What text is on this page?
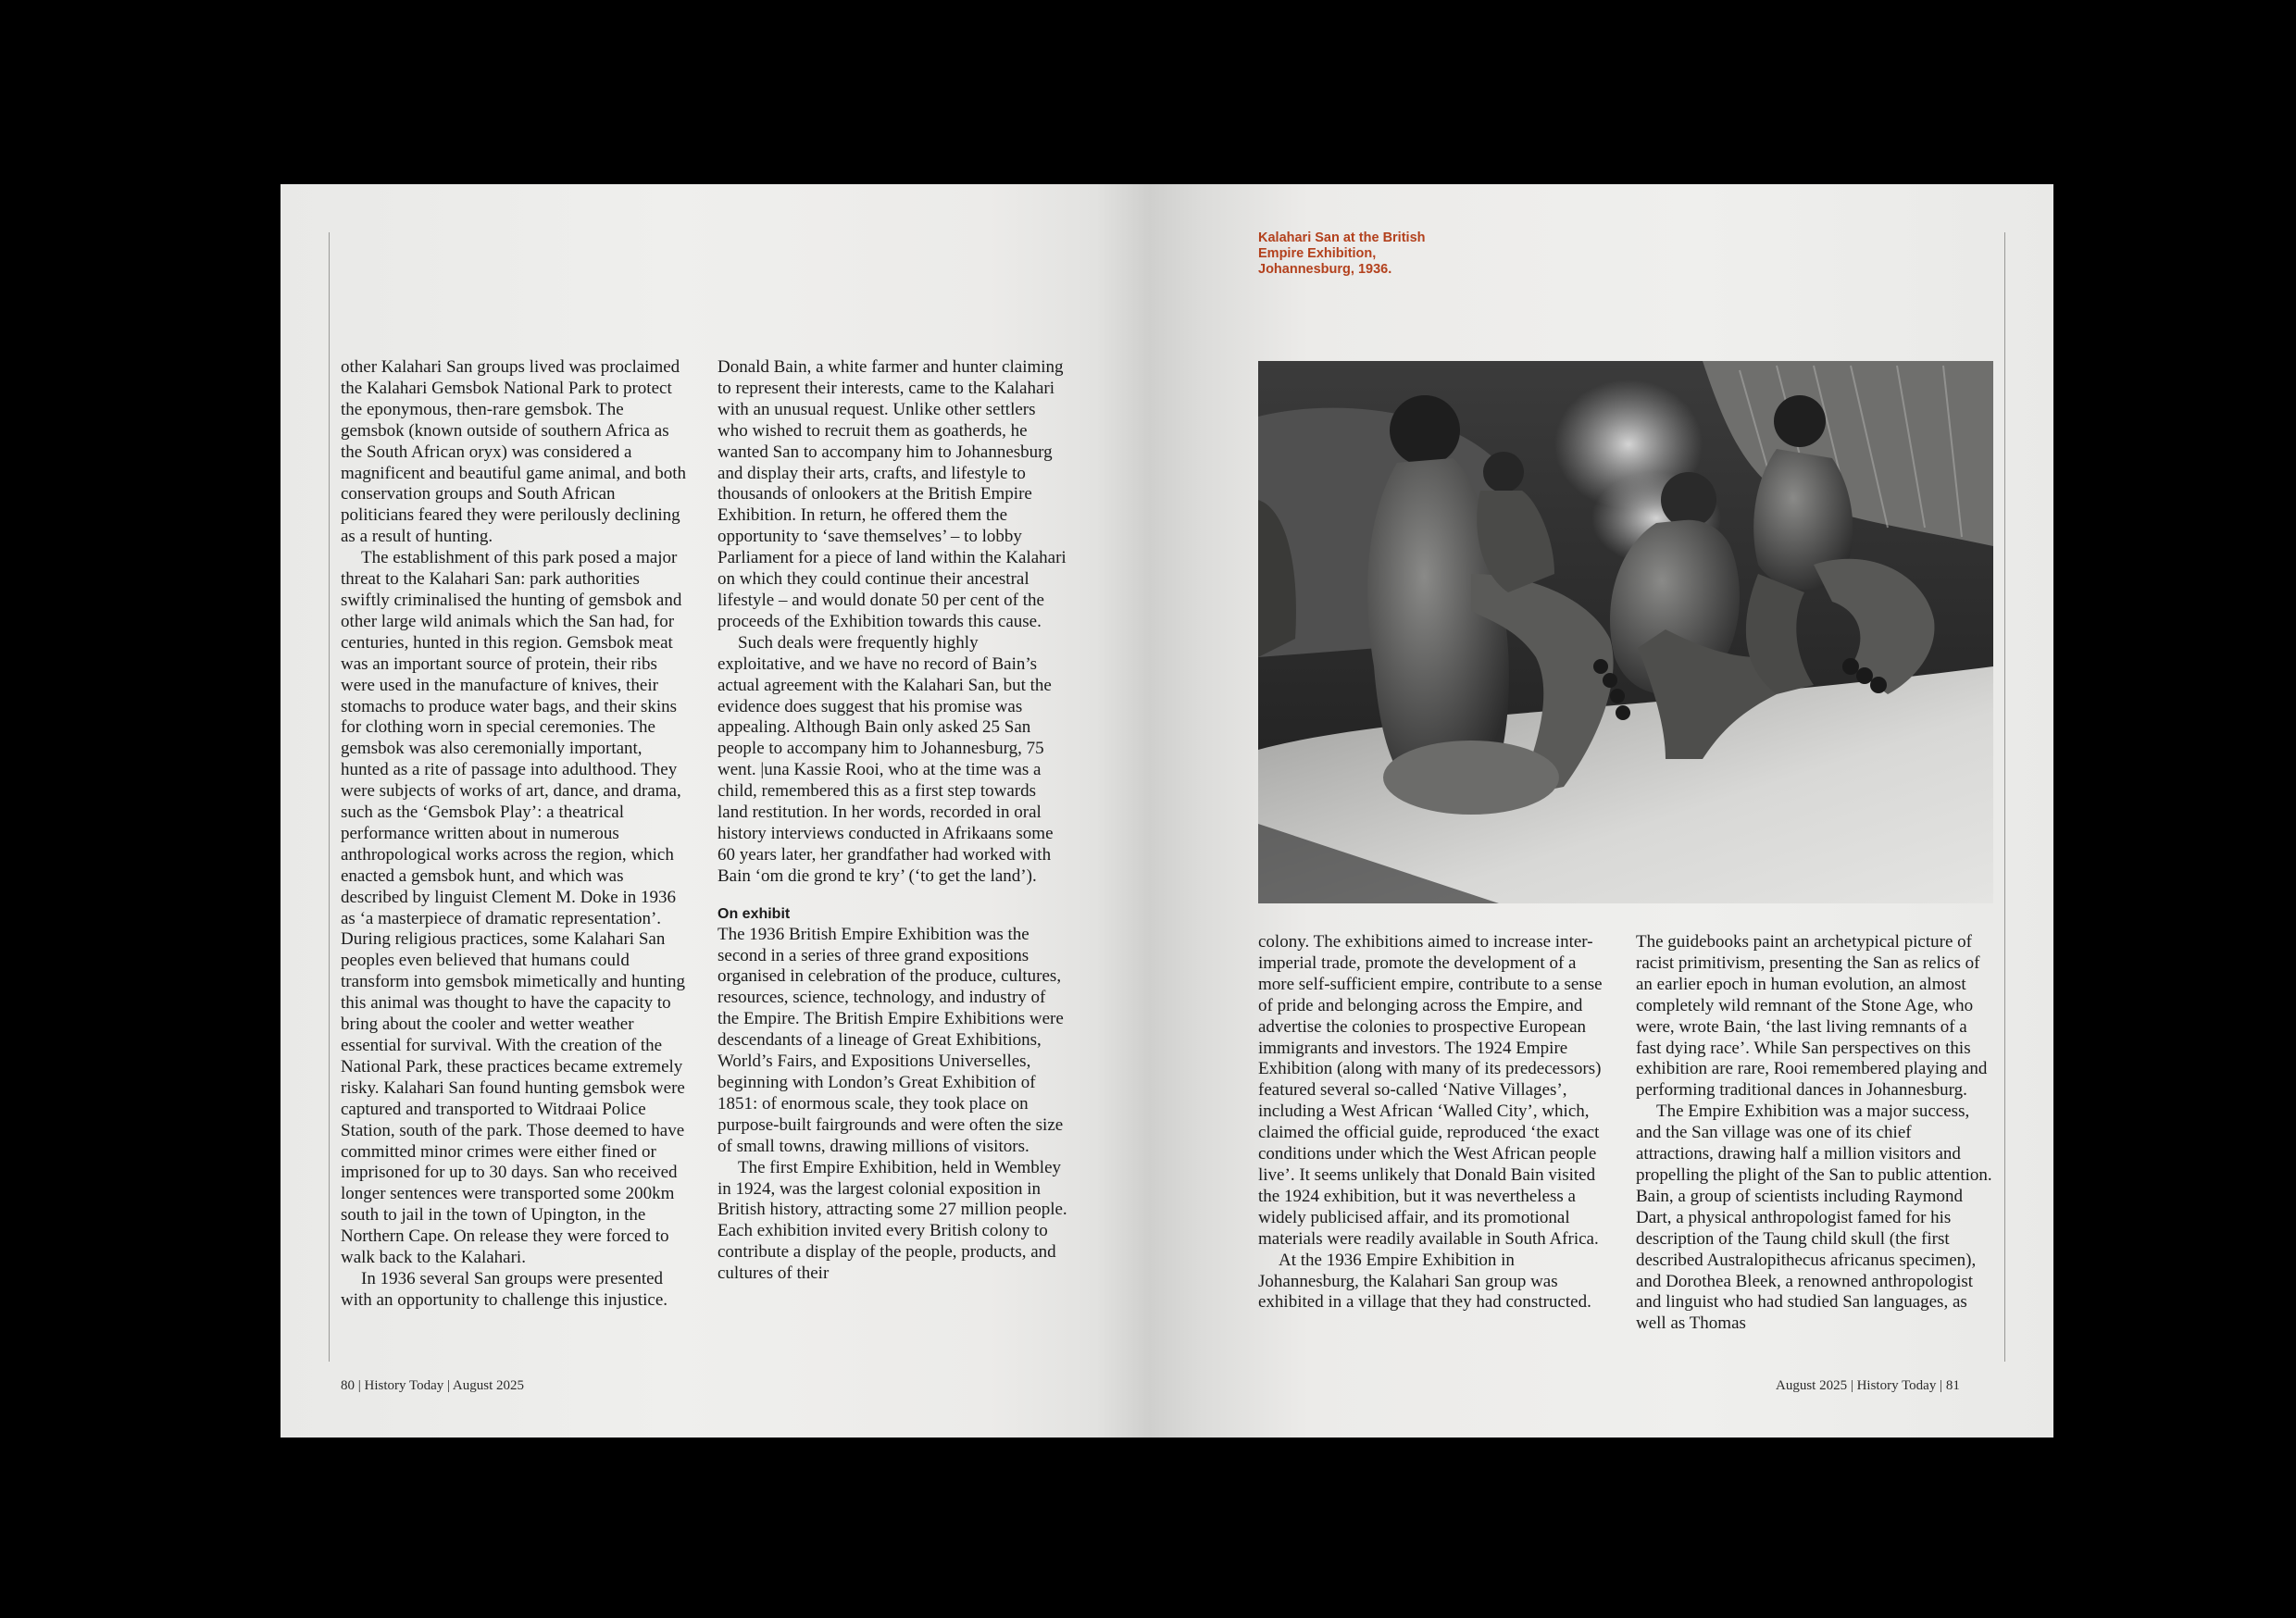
other Kalahari San groups lived was proclaimed the Kalahari Gemsbok National Park to protect the eponymous, then-rare gemsbok. The gemsbok (known outside of southern Africa as the South African oryx) was considered a magnificent and beautiful game animal, and both conservation groups and South African politicians feared they were perilously declining as a result of hunting.

The establishment of this park posed a major threat to the Kalahari San: park authorities swiftly criminalised the hunting of gemsbok and other large wild animals which the San had, for centuries, hunted in this region. Gemsbok meat was an important source of protein, their ribs were used in the manufacture of knives, their stomachs to produce water bags, and their skins for clothing worn in special ceremonies. The gemsbok was also ceremonially important, hunted as a rite of passage into adulthood. They were subjects of works of art, dance, and drama, such as the ‘Gemsbok Play’: a theatrical performance written about in numerous anthropological works across the region, which enacted a gemsbok hunt, and which was described by linguist Clement M. Doke in 1936 as ‘a masterpiece of dramatic representation’. During religious practices, some Kalahari San peoples even believed that humans could transform into gemsbok mimetically and hunting this animal was thought to have the capacity to bring about the cooler and wetter weather essential for survival. With the creation of the National Park, these practices became extremely risky. Kalahari San found hunting gemsbok were captured and transported to Witdraai Police Station, south of the park. Those deemed to have committed minor crimes were either fined or imprisoned for up to 30 days. San who received longer sentences were transported some 200km south to jail in the town of Upington, in the Northern Cape. On release they were forced to walk back to the Kalahari.

In 1936 several San groups were presented with an opportunity to challenge this injustice.

Donald Bain, a white farmer and hunter claiming to represent their interests, came to the Kalahari with an unusual request. Unlike other settlers who wished to recruit them as goatherds, he wanted San to accompany him to Johannesburg and display their arts, crafts, and lifestyle to thousands of onlookers at the British Empire Exhibition. In return, he offered them the opportunity to ‘save themselves’ – to lobby Parliament for a piece of land within the Kalahari on which they could continue their ancestral lifestyle – and would donate 50 per cent of the proceeds of the Exhibition towards this cause.

Such deals were frequently highly exploitative, and we have no record of Bain’s actual agreement with the Kalahari San, but the evidence does suggest that his promise was appealing. Although Bain only asked 25 San people to accompany him to Johannesburg, 75 went. |una Kassie Rooi, who at the time was a child, remembered this as a first step towards land restitution. In her words, recorded in oral history interviews conducted in Afrikaans some 60 years later, her grandfather had worked with Bain ‘om die grond te kry’ (‘to get the land’).

On exhibit

The 1936 British Empire Exhibition was the second in a series of three grand expositions organised in celebration of the produce, cultures, resources, science, technology, and industry of the Empire. The British Empire Exhibitions were descendants of a lineage of Great Exhibitions, World’s Fairs, and Expositions Universelles, beginning with London’s Great Exhibition of 1851: of enormous scale, they took place on purpose-built fairgrounds and were often the size of small towns, drawing millions of visitors.

The first Empire Exhibition, held in Wembley in 1924, was the largest colonial exposition in British history, attracting some 27 million people. Each exhibition invited every British colony to contribute a display of the people, products, and cultures of their

80 | History Today | August 2025
Kalahari San at the British Empire Exhibition, Johannesburg, 1936.

colony. The exhibitions aimed to increase inter-imperial trade, promote the development of a more self-sufficient empire, contribute to a sense of pride and belonging across the Empire, and advertise the colonies to prospective European immigrants and investors. The 1924 Empire Exhibition (along with many of its predecessors) featured several so-called ‘Native Villages’, including a West African ‘Walled City’, which, claimed the official guide, reproduced ‘the exact conditions under which the West African people live’. It seems unlikely that Donald Bain visited the 1924 exhibition, but it was nevertheless a widely publicised affair, and its promotional materials were readily available in South Africa.

At the 1936 Empire Exhibition in Johannesburg, the Kalahari San group was exhibited in a village that they had constructed.

The guidebooks paint an archetypical picture of racist primitivism, presenting the San as relics of an earlier epoch in human evolution, an almost completely wild remnant of the Stone Age, who were, wrote Bain, ‘the last living remnants of a fast dying race’. While San perspectives on this exhibition are rare, Rooi remembered playing and performing traditional dances in Johannesburg.

The Empire Exhibition was a major success, and the San village was one of its chief attractions, drawing half a million visitors and propelling the plight of the San to public attention. Bain, a group of scientists including Raymond Dart, a physical anthropologist famed for his description of the Taung child skull (the first described Australopithecus africanus specimen), and Dorothea Bleek, a renowned anthropologist and linguist who had studied San languages, as well as Thomas

August 2025 | History Today | 81
